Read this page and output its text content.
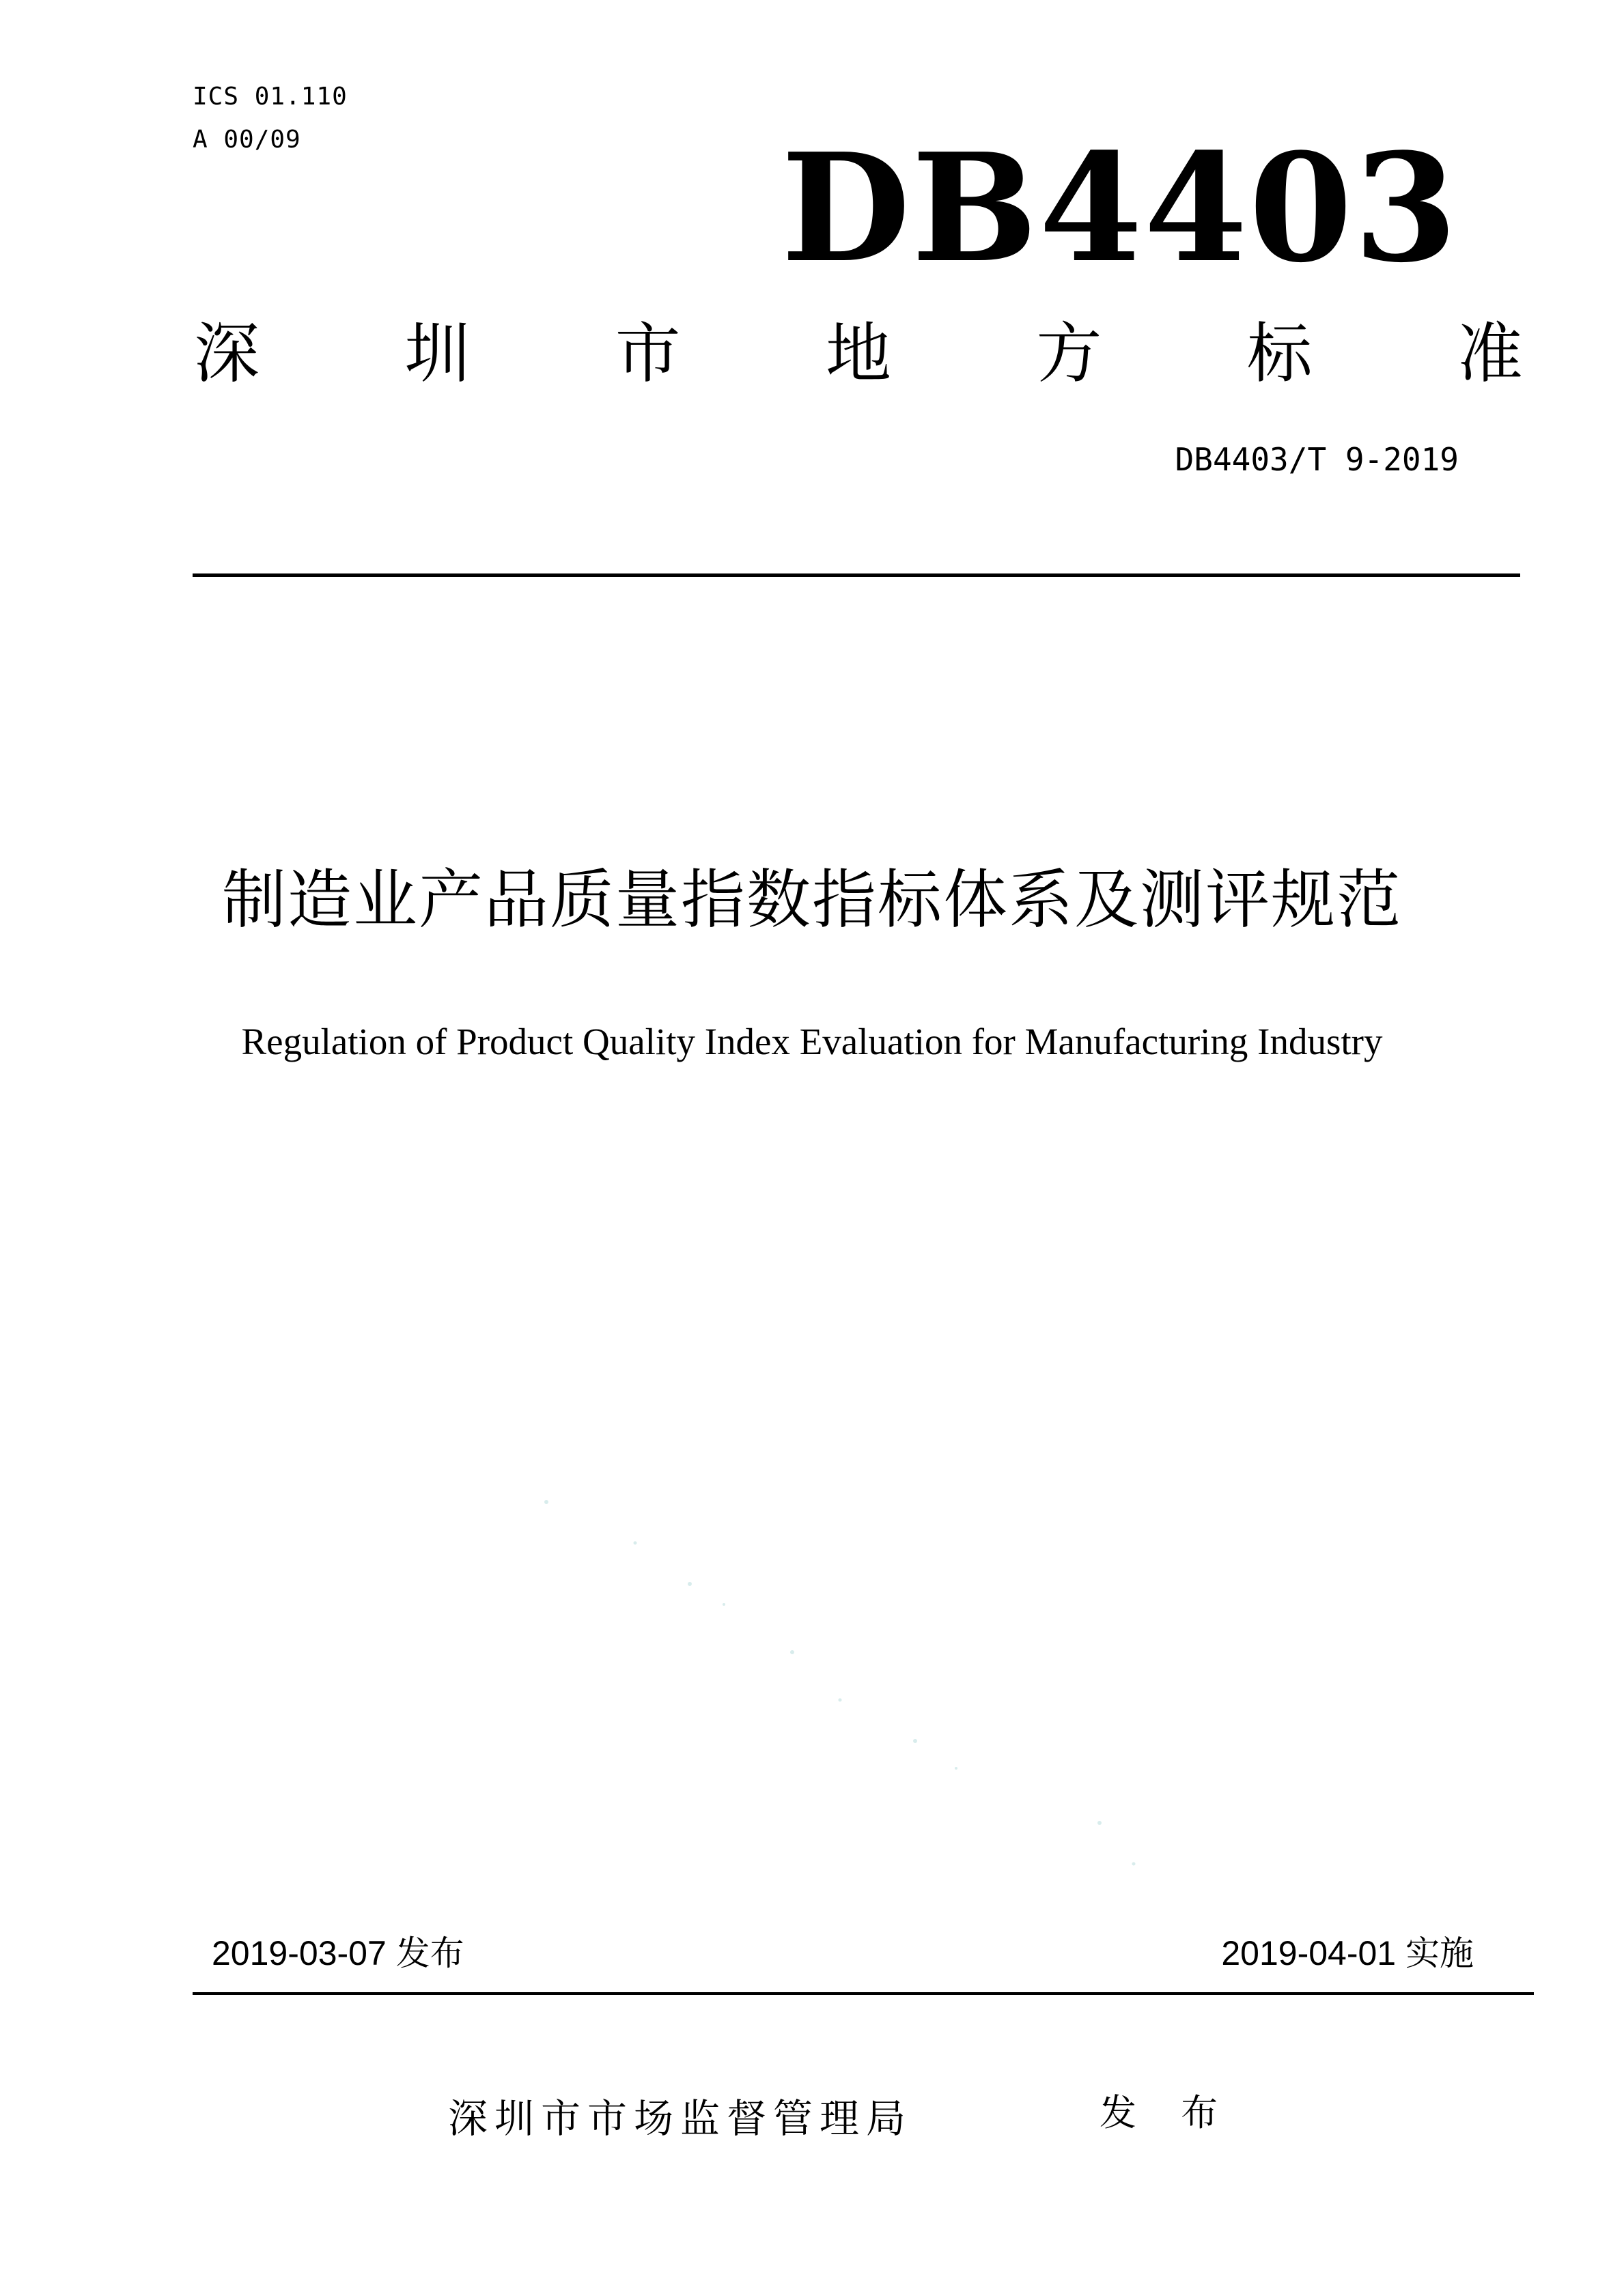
ICS 01.110
A 00/09	DB4403
深 圳 市 地 方 标 准
DB4403/T 9-2019
制造业产品质量指数指标体系及测评规范
Regulation of Product Quality Index Evaluation for Manufacturing Industry
2019-03-07 发布	2019-04-01 实施
深圳市市场监督管理局	发 布
